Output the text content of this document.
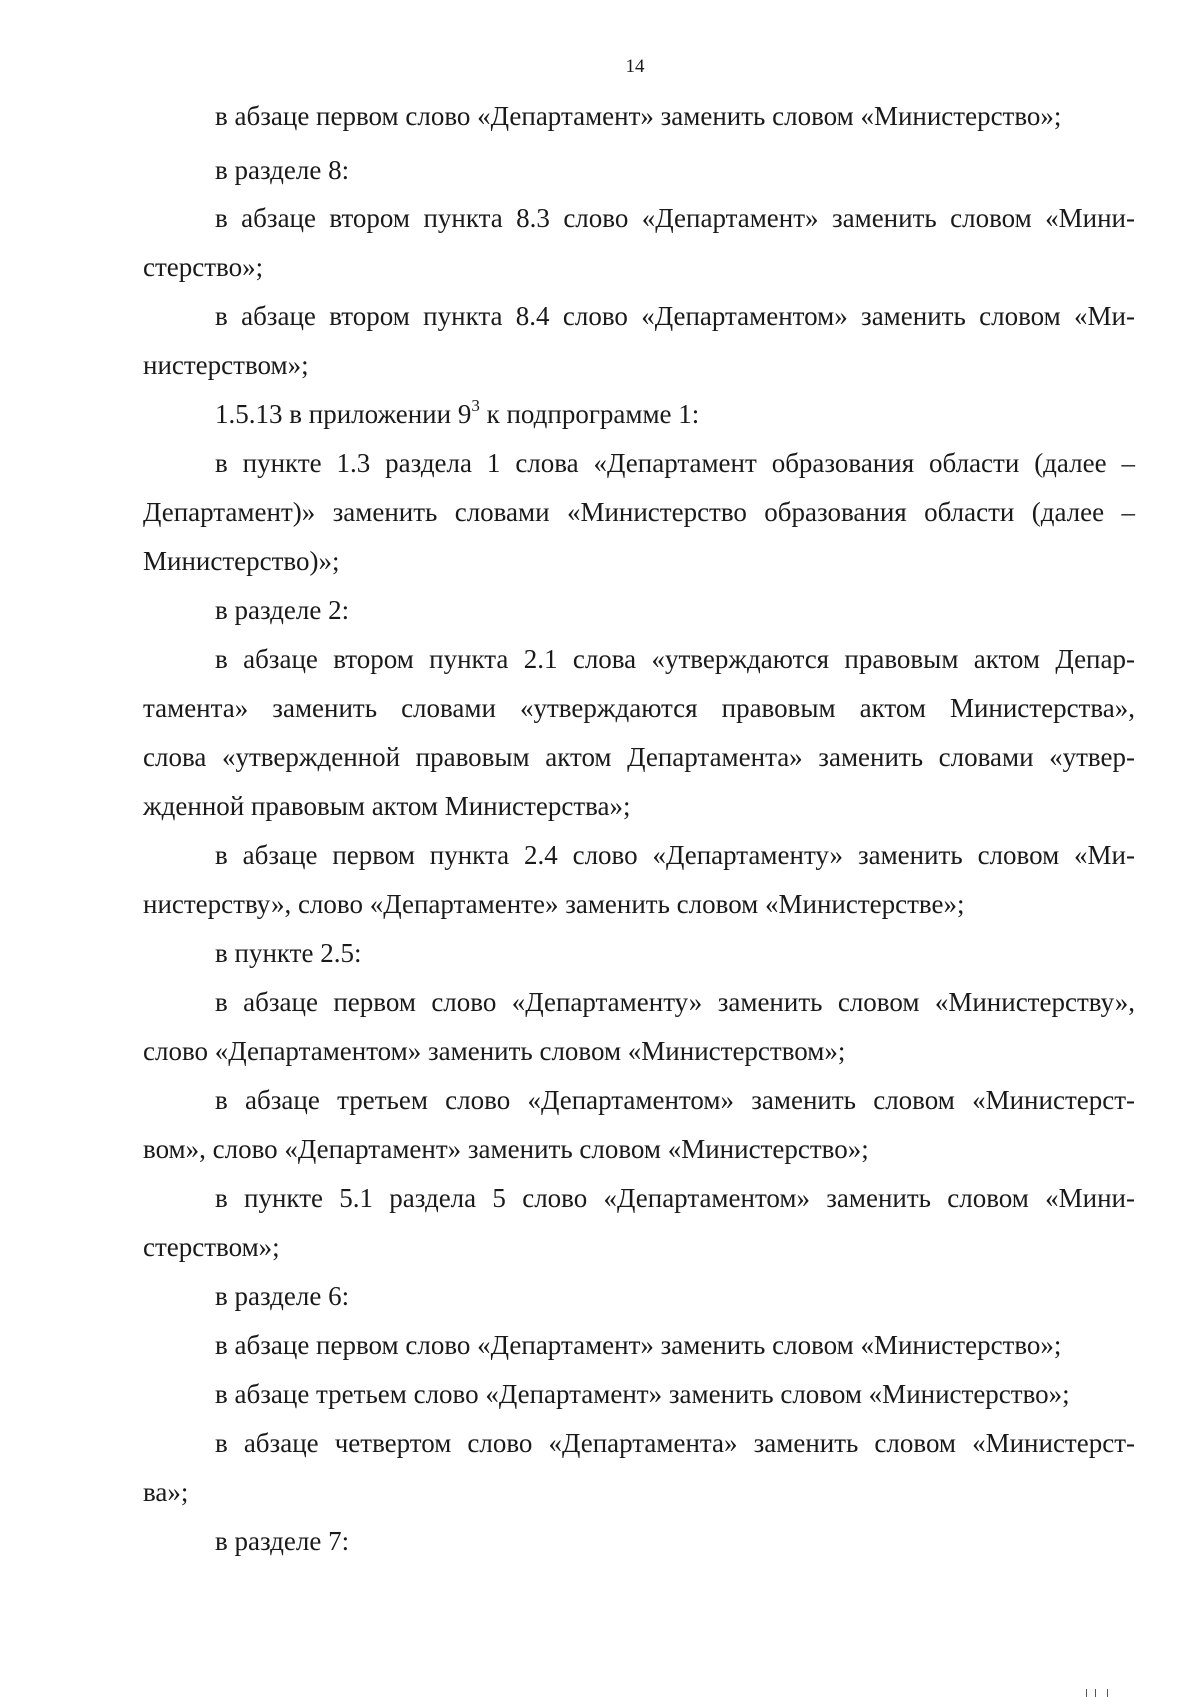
14
в абзаце первом слово «Департамент» заменить словом «Министерство»;
в разделе 8:
в абзаце втором пункта 8.3 слово «Департамент» заменить словом «Мини-
стерство»;
в абзаце втором пункта 8.4 слово «Департаментом» заменить словом «Ми-
нистерством»;
1.5.13 в приложении $9^3$ к подпрограмме 1:
в пункте 1.3 раздела 1 слова «Департамент образования области (далее –
Департамент)» заменить словами «Министерство образования области (далее –
Министерство)»;
в разделе 2:
в абзаце втором пункта 2.1 слова «утверждаются правовым актом Депар-
тамента» заменить словами «утверждаются правовым актом Министерства»,
слова «утвержденной правовым актом Департамента» заменить словами «утвер-
жденной правовым актом Министерства»;
в абзаце первом пункта 2.4 слово «Департаменту» заменить словом «Ми-
нистерству», слово «Департаменте» заменить словом «Министерстве»;
в пункте 2.5:
в абзаце первом слово «Департаменту» заменить словом «Министерству»,
слово «Департаментом» заменить словом «Министерством»;
в абзаце третьем слово «Департаментом» заменить словом «Министерст-
вом», слово «Департамент» заменить словом «Министерство»;
в пункте 5.1 раздела 5 слово «Департаментом» заменить словом «Мини-
стерством»;
в разделе 6:
в абзаце первом слово «Департамент» заменить словом «Министерство»;
в абзаце третьем слово «Департамент» заменить словом «Министерство»;
в абзаце четвертом слово «Департамента» заменить словом «Министерст-
ва»;
в разделе 7:
